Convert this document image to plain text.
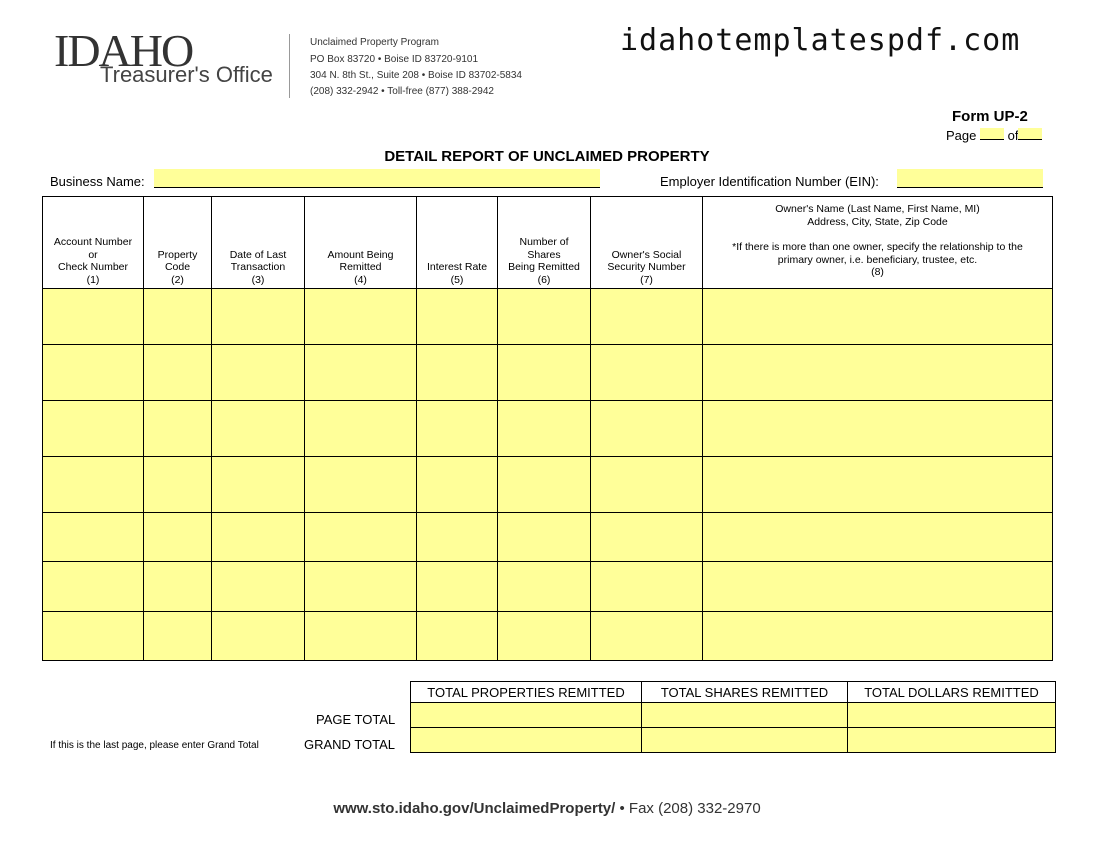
IDAHO
Treasurer's Office
Unclaimed Property Program
PO Box 83720 • Boise ID 83720-9101
304 N. 8th St., Suite 208 • Boise ID 83702-5834
(208) 332-2942 • Toll-free (877) 388-2942
idahotemplatespdf.com
Form UP-2
Page of
DETAIL REPORT OF UNCLAIMED PROPERTY
Business Name:	Employer Identification Number (EIN):
Account Number
or
Check Number
(1)	Property
Code
(2)	Date of Last
Transaction
(3)	Amount Being
Remitted
(4)	Interest Rate
(5)	Number of
Shares
Being Remitted
(6)	Owner's Social
Security Number
(7)	Owner's Name (Last Name, First Name, MI)
Address, City, State, Zip Code
*If there is more than one owner, specify the relationship to the
primary owner, i.e. beneficiary, trustee, etc.
(8)

TOTAL PROPERTIES REMITTED	TOTAL SHARES REMITTED	TOTAL DOLLARS REMITTED

PAGE TOTAL
GRAND TOTAL
If this is the last page, please enter Grand Total
www.sto.idaho.gov/UnclaimedProperty/ • Fax (208) 332-2970
